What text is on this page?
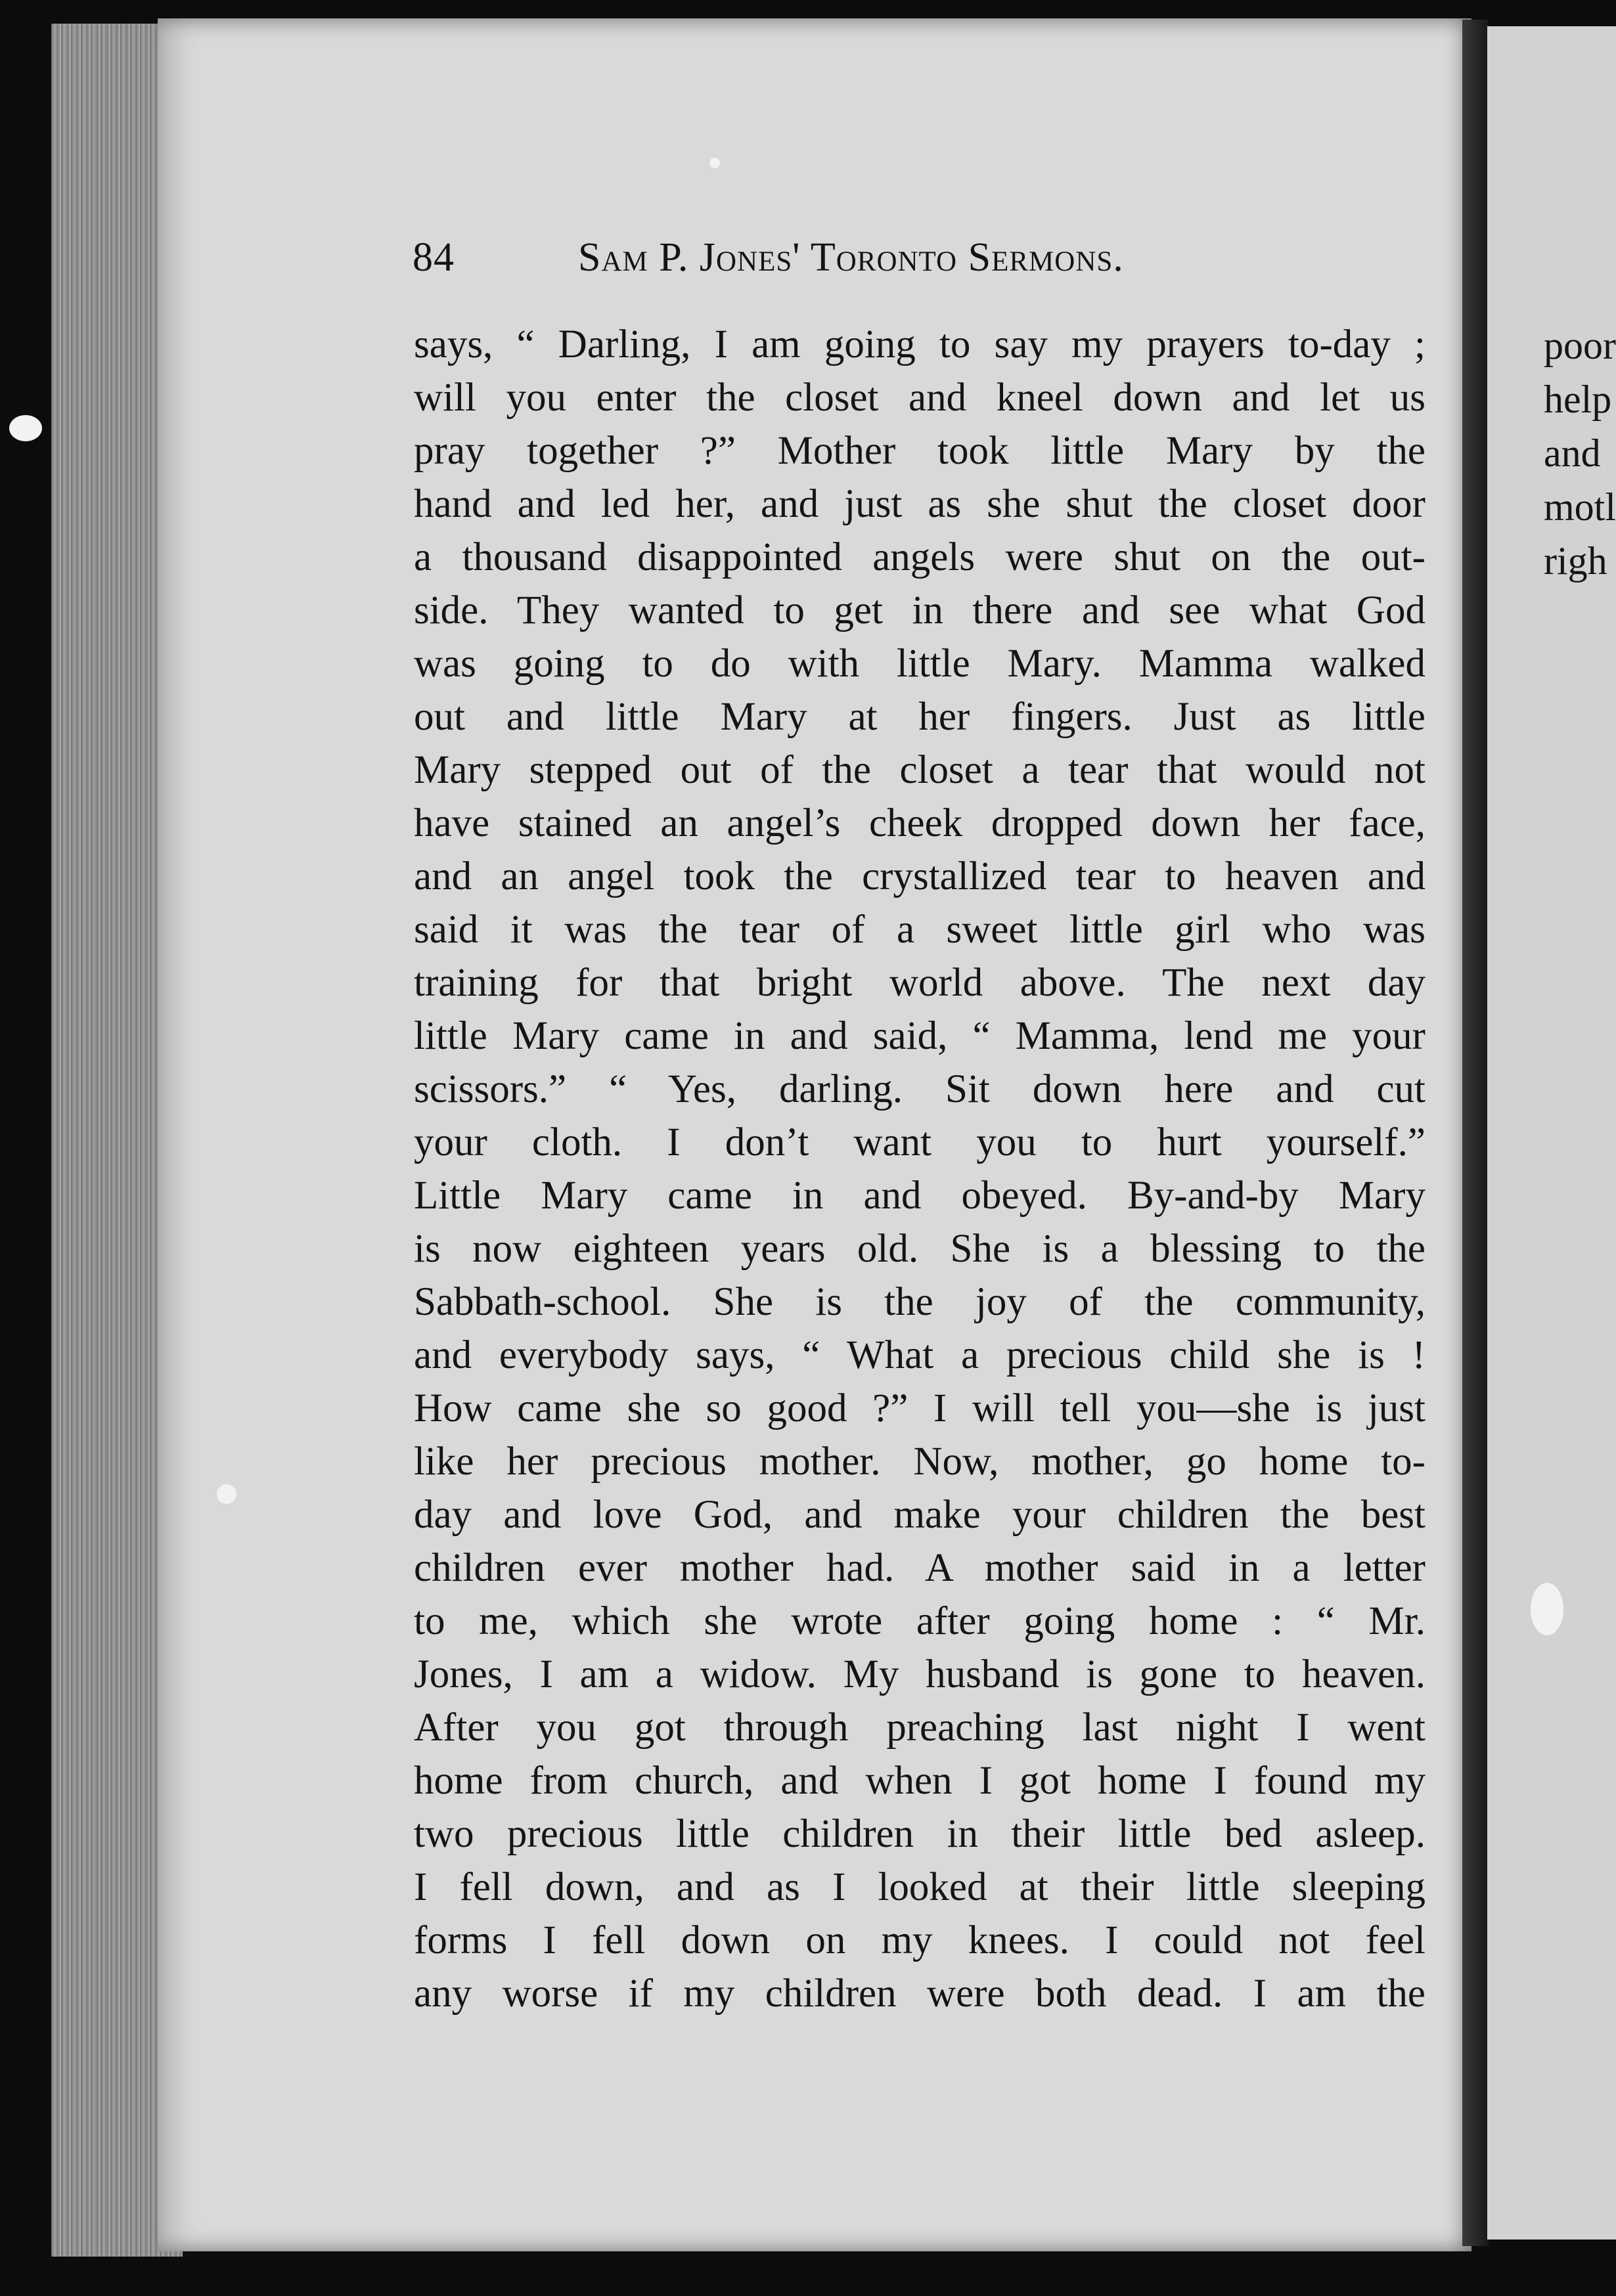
poor
help
and
motl
righ
84	Sam P. Jones' Toronto Sermons.
says, “ Darling, I am going to say my prayers to-day ;
will you enter the closet and kneel down and let us
pray together ?” Mother took little Mary by the
hand and led her, and just as she shut the closet door
a thousand disappointed angels were shut on the out-
side. They wanted to get in there and see what God
was going to do with little Mary. Mamma walked
out and little Mary at her fingers. Just as little
Mary stepped out of the closet a tear that would not
have stained an angel’s cheek dropped down her face,
and an angel took the crystallized tear to heaven and
said it was the tear of a sweet little girl who was
training for that bright world above. The next day
little Mary came in and said, “ Mamma, lend me your
scissors.” “ Yes, darling. Sit down here and cut
your cloth. I don’t want you to hurt yourself.”
Little Mary came in and obeyed. By-and-by Mary
is now eighteen years old. She is a blessing to the
Sabbath-school. She is the joy of the community,
and everybody says, “ What a precious child she is !
How came she so good ?” I will tell you—she is just
like her precious mother. Now, mother, go home to-
day and love God, and make your children the best
children ever mother had. A mother said in a letter
to me, which she wrote after going home : “ Mr.
Jones, I am a widow. My husband is gone to heaven.
After you got through preaching last night I went
home from church, and when I got home I found my
two precious little children in their little bed asleep.
I fell down, and as I looked at their little sleeping
forms I fell down on my knees. I could not feel
any worse if my children were both dead. I am the
